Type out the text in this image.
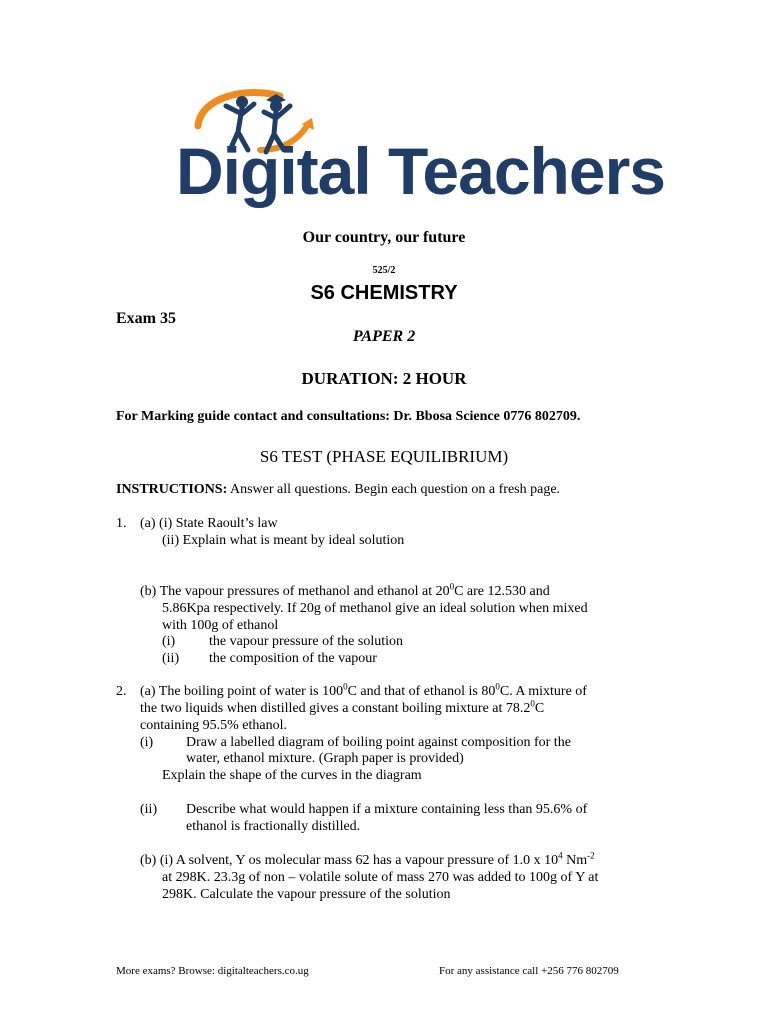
Digital Teachers
Our country, our future
525/2
S6 CHEMISTRY
Exam 35
PAPER 2
DURATION: 2 HOUR
For Marking guide contact and consultations: Dr. Bbosa Science 0776 802709.
S6 TEST (PHASE EQUILIBRIUM)
INSTRUCTIONS: Answer all questions. Begin each question on a fresh page.
1. (a) (i) State Raoult’s law
(ii) Explain what is meant by ideal solution
(b) The vapour pressures of methanol and ethanol at $20^0C$ are 12.530 and
5.86Kpa respectively. If 20g of methanol give an ideal solution when mixed
with 100g of ethanol
(i) the vapour pressure of the solution
(ii) the composition of the vapour
2. (a) The boiling point of water is $100^0C$ and that of ethanol is $80^0C$. A mixture of
the two liquids when distilled gives a constant boiling mixture at 78.2$^0$C
containing 95.5% ethanol.
(i) Draw a labelled diagram of boiling point against composition for the
water, ethanol mixture. (Graph paper is provided)
Explain the shape of the curves in the diagram
(ii) Describe what would happen if a mixture containing less than 95.6% of
ethanol is fractionally distilled.
(b) (i) A solvent, Y os molecular mass 62 has a vapour pressure of 1.0 x $10^4$ $Nm^{-2}$
at 298K. 23.3g of non – volatile solute of mass 270 was added to 100g of Y at
298K. Calculate the vapour pressure of the solution
More exams? Browse: digitalteachers.co.ug	For any assistance call +256 776 802709
